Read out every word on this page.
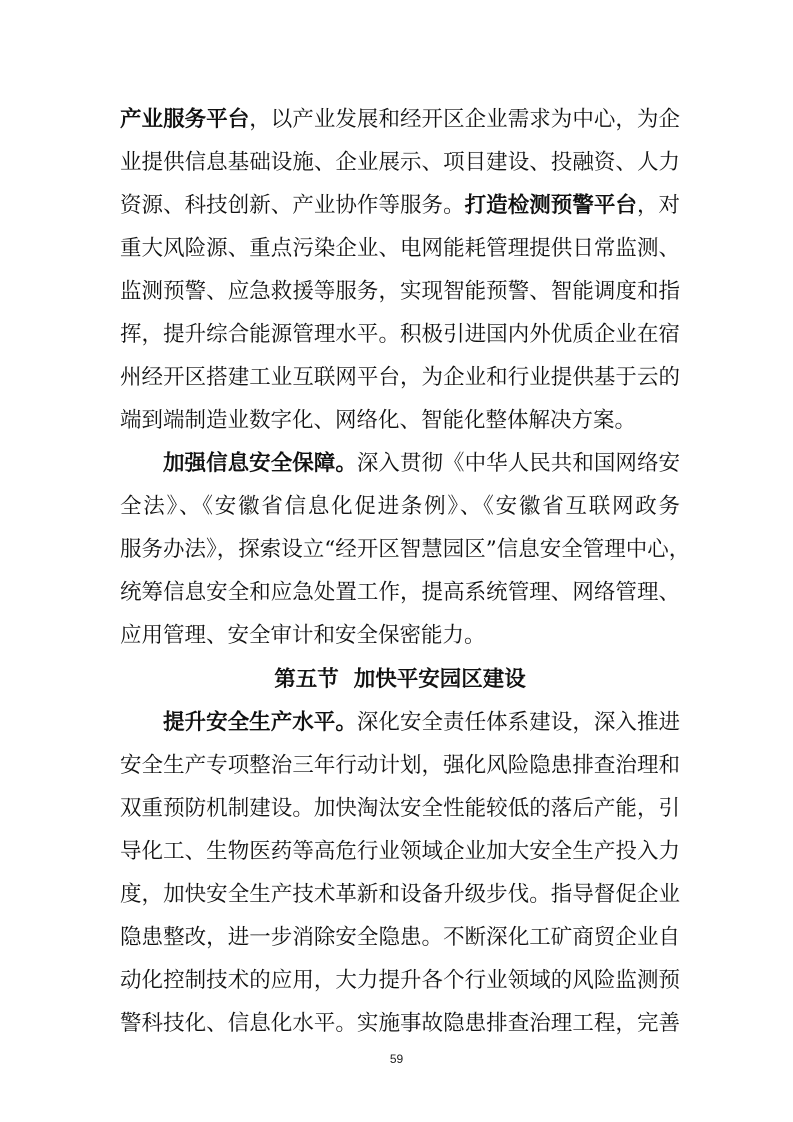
产业服务平台，以产业发展和经开区企业需求为中心，为企
业提供信息基础设施、企业展示、项目建设、投融资、人力
资源、科技创新、产业协作等服务。打造检测预警平台，对
重大风险源、重点污染企业、电网能耗管理提供日常监测、
监测预警、应急救援等服务，实现智能预警、智能调度和指
挥，提升综合能源管理水平。积极引进国内外优质企业在宿
州经开区搭建工业互联网平台，为企业和行业提供基于云的
端到端制造业数字化、网络化、智能化整体解决方案。
加强信息安全保障。深入贯彻《中华人民共和国网络安
全法》、《安徽省信息化促进条例》、《安徽省互联网政务
服务办法》，探索设立“经开区智慧园区”信息安全管理中心，
统筹信息安全和应急处置工作，提高系统管理、网络管理、
应用管理、安全审计和安全保密能力。
第五节  加快平安园区建设
提升安全生产水平。深化安全责任体系建设，深入推进
安全生产专项整治三年行动计划，强化风险隐患排查治理和
双重预防机制建设。加快淘汰安全性能较低的落后产能，引
导化工、生物医药等高危行业领域企业加大安全生产投入力
度，加快安全生产技术革新和设备升级步伐。指导督促企业
隐患整改，进一步消除安全隐患。不断深化工矿商贸企业自
动化控制技术的应用，大力提升各个行业领域的风险监测预
警科技化、信息化水平。实施事故隐患排查治理工程，完善
59
